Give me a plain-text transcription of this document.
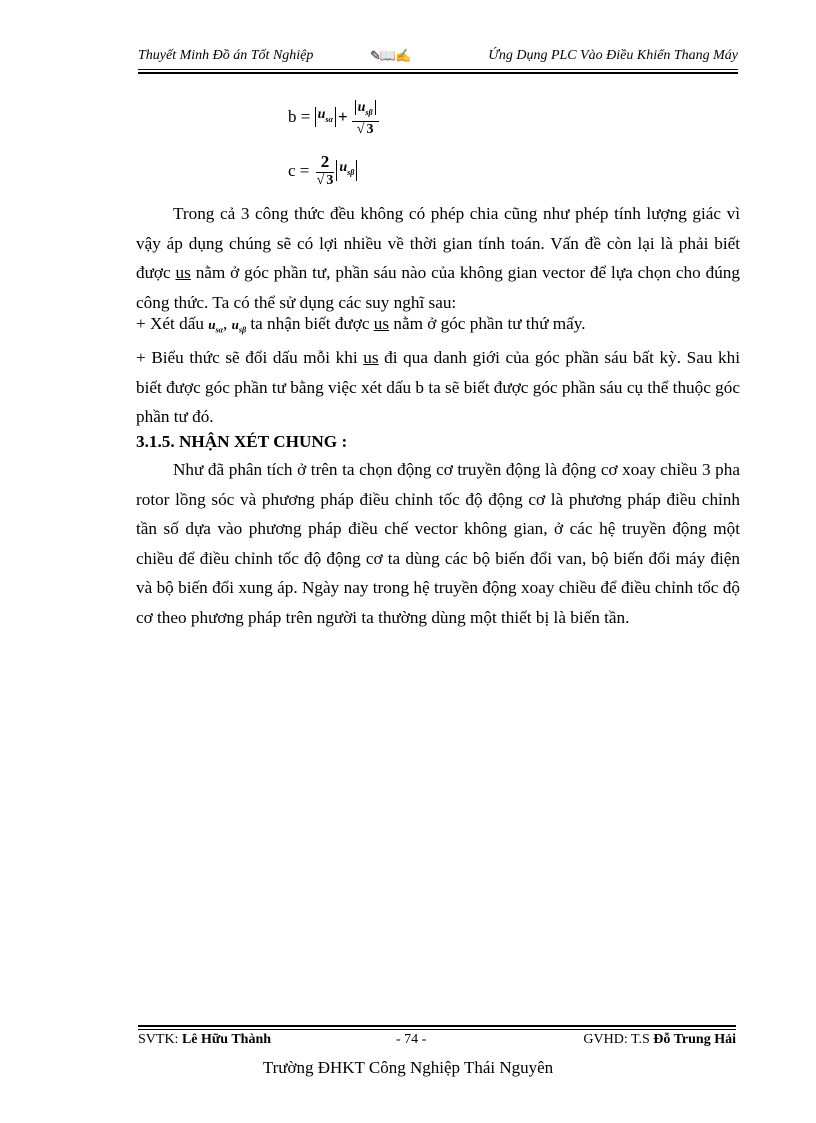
Thuyết Minh Đồ án Tốt Nghiệp	✎📖✍	Ứng Dụng PLC Vào Điều Khiển Thang Máy
b =
$u_{s\alpha} + \frac{u_{s\beta}}{√ 3}$
c =
$\frac{2}{√ 3} u_{s\beta}$

Trong cả 3 công thức đều không có phép chia cũng như phép tính lượng giác vì vậy áp dụng chúng sẽ có lợi nhiều về thời gian tính toán. Vấn đề còn lại là phải biết được us nằm ở góc phần tư, phần sáu nào của không gian vector để lựa chọn cho đúng công thức. Ta có thể sử dụng các suy nghĩ sau:

+ Xét dấu $u_{s\alpha}$, $u_{s\beta}$ ta nhận biết được us nằm ở góc phần tư thứ mấy.

+ Biểu thức sẽ đổi dấu mỗi khi us đi qua danh giới của góc phần sáu bất kỳ. Sau khi biết được góc phần tư bằng việc xét dấu b ta sẽ biết được góc phần sáu cụ thể thuộc góc phần tư đó.

3.1.5. NHẬN XÉT CHUNG :

Như đã phân tích ở trên ta chọn động cơ truyền động là động cơ xoay chiều 3 pha rotor lồng sóc và phương pháp điều chỉnh tốc độ động cơ là phương pháp điều chỉnh tần số dựa vào phương pháp điều chế vector không gian, ở các hệ truyền động một chiều để điều chỉnh tốc độ động cơ ta dùng các bộ biến đổi van, bộ biến đổi máy điện và bộ biến đổi xung áp. Ngày nay trong hệ truyền động xoay chiều để điều chỉnh tốc độ cơ theo phương pháp trên người ta thường dùng một thiết bị là biến tần.

SVTK: Lê Hữu Thành	- 74 -	GVHD: T.S Đỗ Trung Hải
Trường ĐHKT Công Nghiệp Thái Nguyên
